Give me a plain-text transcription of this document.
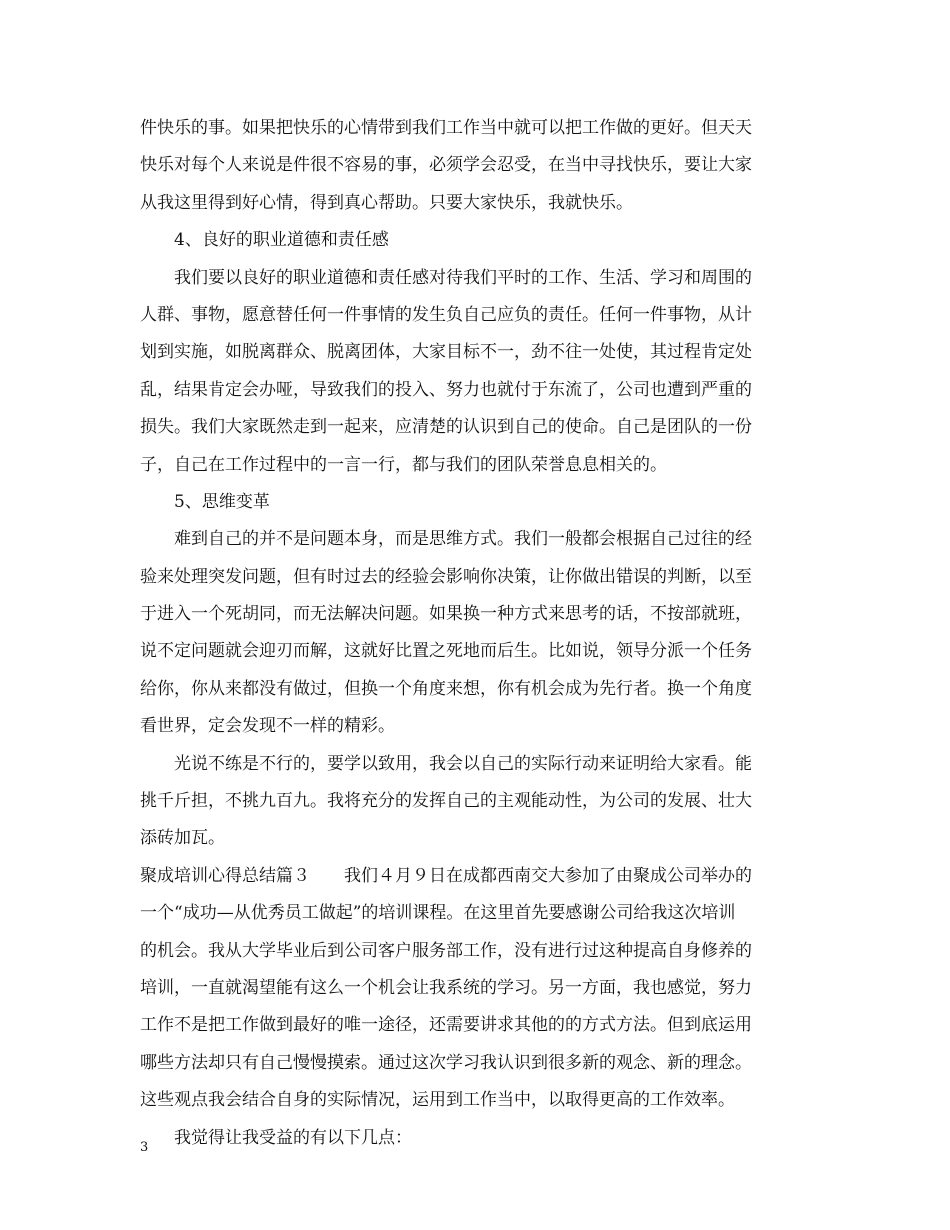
件快乐的事。如果把快乐的心情带到我们工作当中就可以把工作做的更好。但天天
快乐对每个人来说是件很不容易的事，必须学会忍受，在当中寻找快乐，要让大家
从我这里得到好心情，得到真心帮助。只要大家快乐，我就快乐。
4、良好的职业道德和责任感
我们要以良好的职业道德和责任感对待我们平时的工作、生活、学习和周围的
人群、事物，愿意替任何一件事情的发生负自己应负的责任。任何一件事物，从计
划到实施，如脱离群众、脱离团体，大家目标不一，劲不往一处使，其过程肯定处
乱，结果肯定会办哑，导致我们的投入、努力也就付于东流了，公司也遭到严重的
损失。我们大家既然走到一起来，应清楚的认识到自己的使命。自己是团队的一份
子，自己在工作过程中的一言一行，都与我们的团队荣誉息息相关的。
5、思维变革
难到自己的并不是问题本身，而是思维方式。我们一般都会根据自己过往的经
验来处理突发问题，但有时过去的经验会影响你决策，让你做出错误的判断，以至
于进入一个死胡同，而无法解决问题。如果换一种方式来思考的话，不按部就班，
说不定问题就会迎刃而解，这就好比置之死地而后生。比如说，领导分派一个任务
给你，你从来都没有做过，但换一个角度来想，你有机会成为先行者。换一个角度
看世界，定会发现不一样的精彩。
光说不练是不行的，要学以致用，我会以自己的实际行动来证明给大家看。能
挑千斤担，不挑九百九。我将充分的发挥自己的主观能动性，为公司的发展、壮大
添砖加瓦。
聚成培训心得总结篇３　　我们４月９日在成都西南交大参加了由聚成公司举办的
一个“成功—从优秀员工做起”的培训课程。在这里首先要感谢公司给我这次培训
的机会。我从大学毕业后到公司客户服务部工作，没有进行过这种提高自身修养的
培训，一直就渴望能有这么一个机会让我系统的学习。另一方面，我也感觉，努力
工作不是把工作做到最好的唯一途径，还需要讲求其他的的方式方法。但到底运用
哪些方法却只有自己慢慢摸索。通过这次学习我认识到很多新的观念、新的理念。
这些观点我会结合自身的实际情况，运用到工作当中，以取得更高的工作效率。
我觉得让我受益的有以下几点：
3
